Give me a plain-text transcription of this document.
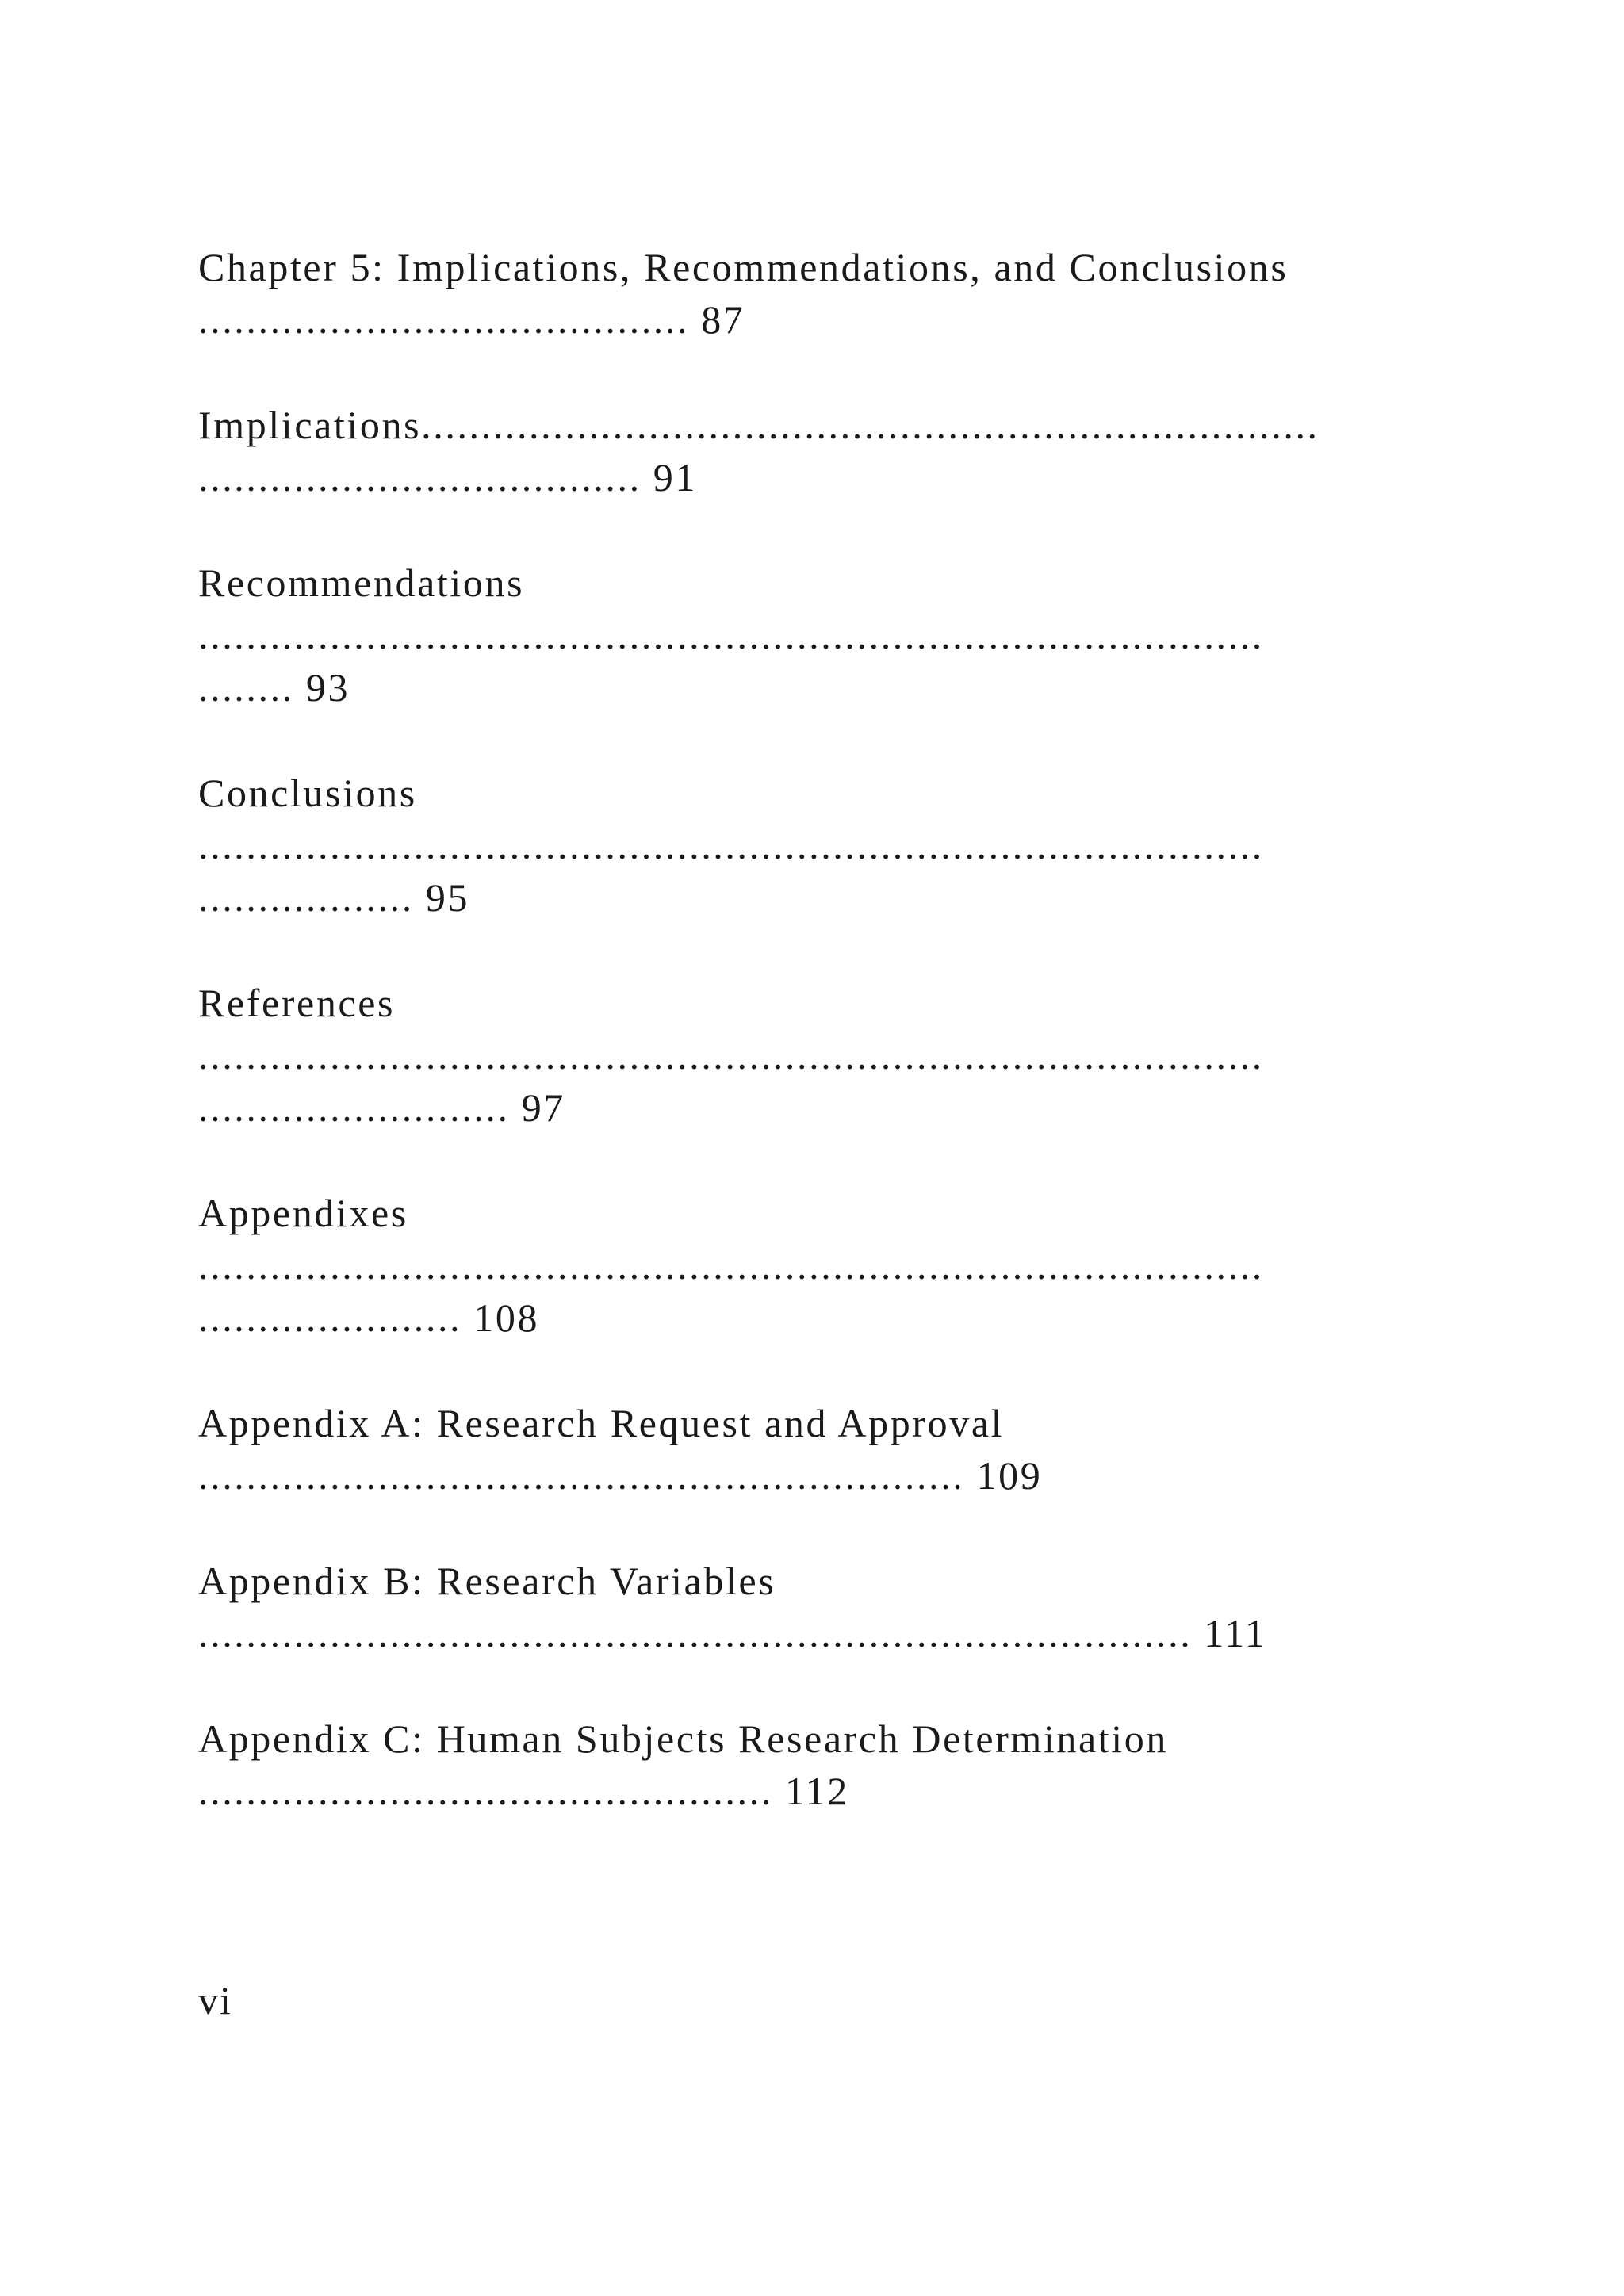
Chapter 5: Implications, Recommendations, and Conclusions
......................................... 87
Implications...........................................................................
..................................... 91
Recommendations
.........................................................................................
........ 93
Conclusions
.........................................................................................
.................. 95
References
.........................................................................................
.......................... 97
Appendixes
.........................................................................................
...................... 108
Appendix A: Research Request and Approval
................................................................ 109
Appendix B: Research Variables
................................................................................... 111
Appendix C: Human Subjects Research Determination
................................................ 112
vi
